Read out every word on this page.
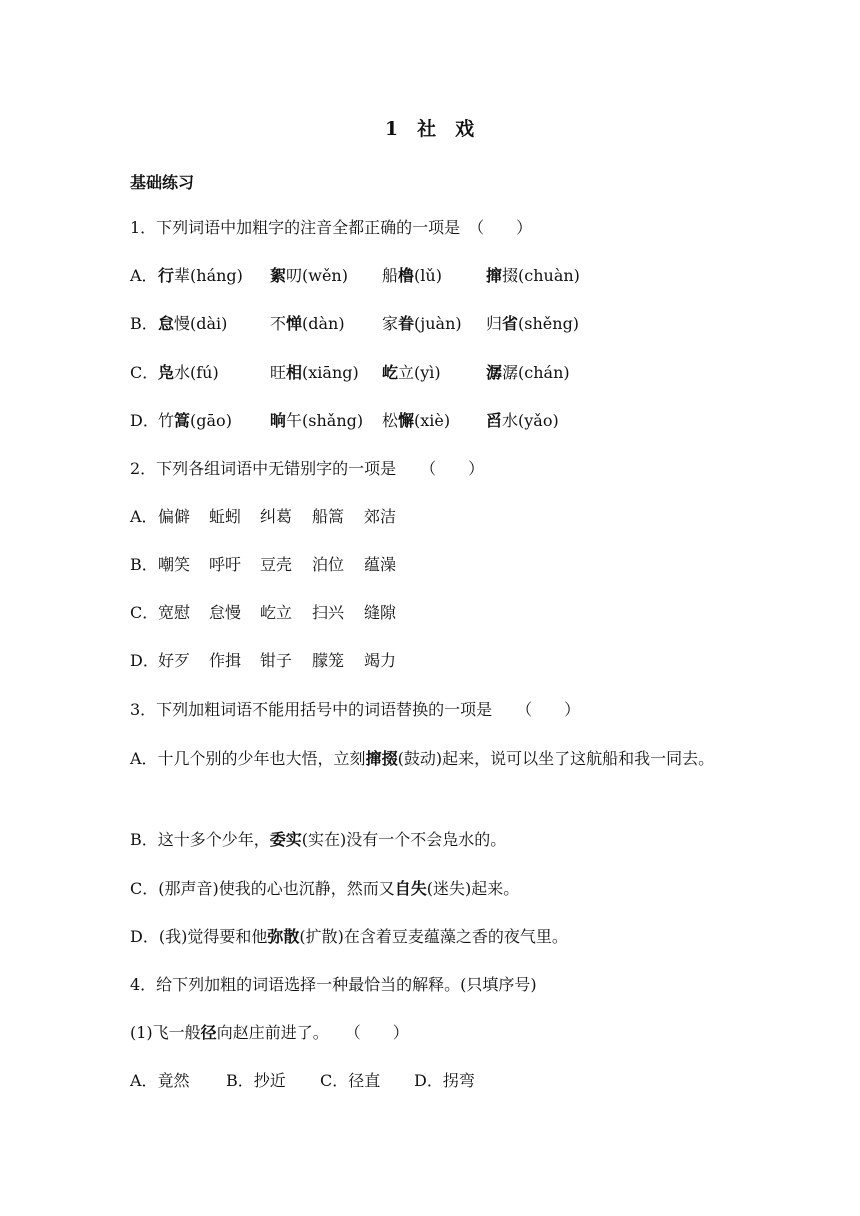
1 社 戏
基础练习
1．下列词语中加粗字的注音全都正确的一项是　（　　）
A． 行辈(háng) 絮叨(wěn) 船橹(lǔ)	撺掇(chuàn)
B． 怠慢(dài)	不惮(dàn) 家眷(juàn) 归省(shěng)
C． 凫水(fú)	旺相(xiāng) 屹立(yì)	潺潺(chán)
D． 竹篙(gāo) 晌午(shǎng) 松懈(xiè) 舀水(yǎo)
2．下列各组词语中无错别字的一项是　　（　　）
A． 偏僻 蚯蚓 纠葛 船篙 郊洁
B． 嘲笑 呼吁 豆壳 泊位 蕴澡
C． 宽慰 怠慢 屹立 扫兴 缝隙
D． 好歹 作揖 钳子 朦笼 竭力
3．下列加粗词语不能用括号中的词语替换的一项是　　（　　）
A．十几个别的少年也大悟，立刻撺掇(鼓动)起来，说可以坐了这航船和我一同去。
B．这十多个少年，委实(实在)没有一个不会凫水的。
C．(那声音)使我的心也沉静，然而又自失(迷失)起来。
D．(我)觉得要和他弥散(扩散)在含着豆麦蕴藻之香的夜气里。
4．给下列加粗的词语选择一种最恰当的解释。(只填序号)
(1)飞一般径向赵庄前进了。　　（　　）
A．竟然 B．抄近 C．径直 D．拐弯
